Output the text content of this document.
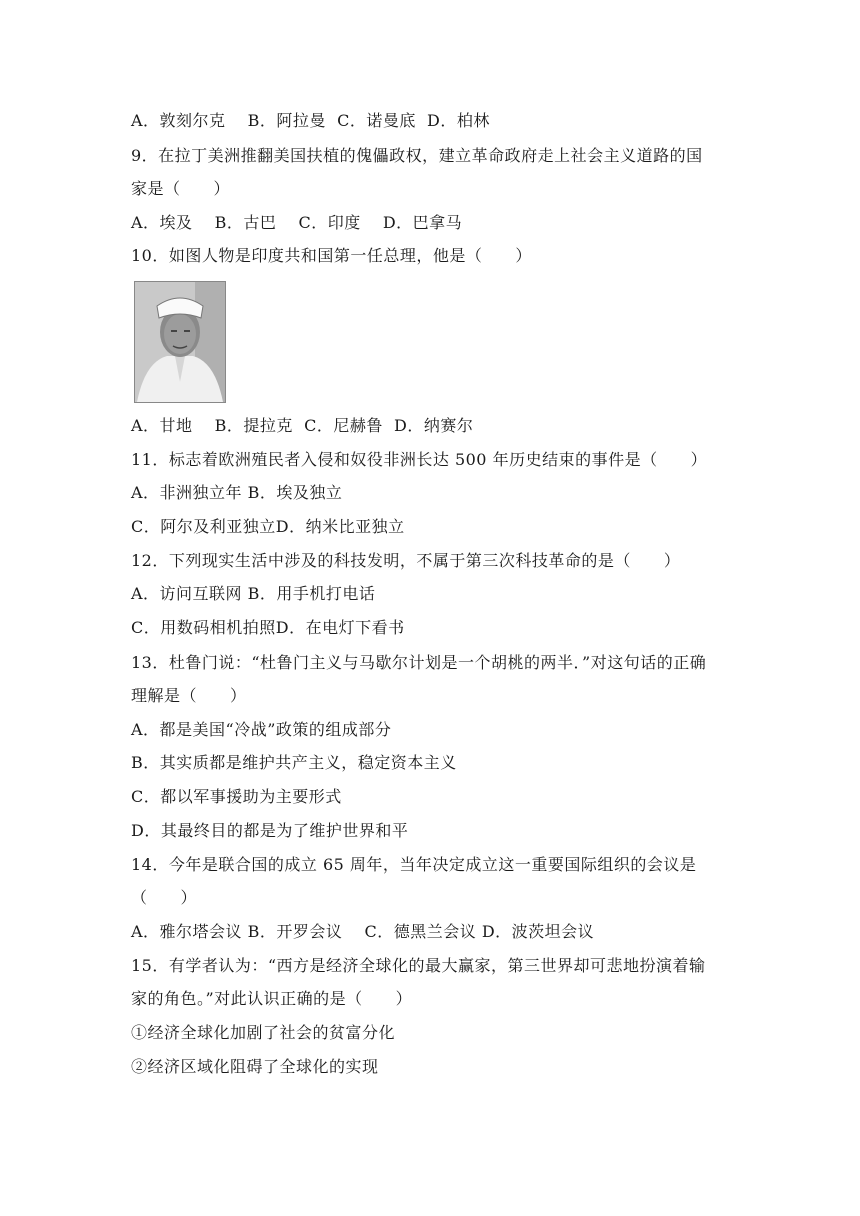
A．敦刻尔克　 B．阿拉曼  C．诺曼底  D．柏林
9．在拉丁美洲推翻美国扶植的傀儡政权，建立革命政府走上社会主义道路的国
家是（　　）
A．埃及　 B．古巴　 C．印度　 D．巴拿马
10．如图人物是印度共和国第一任总理，他是（　　）
A．甘地　 B．提拉克  C．尼赫鲁  D．纳赛尔
11．标志着欧洲殖民者入侵和奴役非洲长达 500 年历史结束的事件是（　　）
A．非洲独立年 B．埃及独立
C．阿尔及利亚独立D．纳米比亚独立
12．下列现实生活中涉及的科技发明，不属于第三次科技革命的是（　　）
A．访问互联网 B．用手机打电话
C．用数码相机拍照D．在电灯下看书
13．杜鲁门说：“杜鲁门主义与马歇尔计划是一个胡桃的两半．”对这句话的正确
理解是（　　）
A．都是美国“冷战”政策的组成部分
B．其实质都是维护共产主义，稳定资本主义
C．都以军事援助为主要形式
D．其最终目的都是为了维护世界和平
14．今年是联合国的成立 65 周年，当年决定成立这一重要国际组织的会议是
（　　）
A．雅尔塔会议 B．开罗会议　 C．德黑兰会议 D．波茨坦会议
15．有学者认为：“西方是经济全球化的最大赢家，第三世界却可悲地扮演着输
家的角色。”对此认识正确的是（　　）
①经济全球化加剧了社会的贫富分化
②经济区域化阻碍了全球化的实现
